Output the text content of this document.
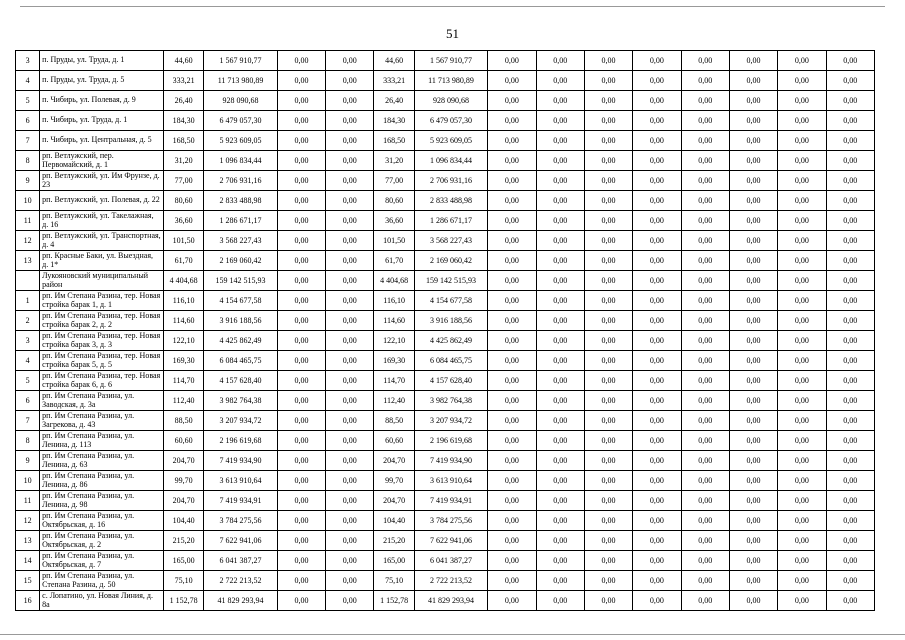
51
3	п. Пруды, ул. Труда, д. 1	44,60	1 567 910,77	0,00	0,00	44,60	1 567 910,77	0,00	0,00	0,00	0,00	0,00	0,00	0,00	0,00
4	п. Пруды, ул. Труда, д. 5	333,21	11 713 980,89	0,00	0,00	333,21	11 713 980,89	0,00	0,00	0,00	0,00	0,00	0,00	0,00	0,00
5	п. Чибирь, ул. Полевая, д. 9	26,40	928 090,68	0,00	0,00	26,40	928 090,68	0,00	0,00	0,00	0,00	0,00	0,00	0,00	0,00
6	п. Чибирь, ул. Труда, д. 1	184,30	6 479 057,30	0,00	0,00	184,30	6 479 057,30	0,00	0,00	0,00	0,00	0,00	0,00	0,00	0,00
7	п. Чибирь, ул. Центральная, д. 5	168,50	5 923 609,05	0,00	0,00	168,50	5 923 609,05	0,00	0,00	0,00	0,00	0,00	0,00	0,00	0,00
8	рп. Ветлужский, пер. Первомайский, д. 1	31,20	1 096 834,44	0,00	0,00	31,20	1 096 834,44	0,00	0,00	0,00	0,00	0,00	0,00	0,00	0,00
9	рп. Ветлужский, ул. Им Фрунзе, д. 23	77,00	2 706 931,16	0,00	0,00	77,00	2 706 931,16	0,00	0,00	0,00	0,00	0,00	0,00	0,00	0,00
10	рп. Ветлужский, ул. Полевая, д. 22	80,60	2 833 488,98	0,00	0,00	80,60	2 833 488,98	0,00	0,00	0,00	0,00	0,00	0,00	0,00	0,00
11	рп. Ветлужский, ул. Такелажная, д. 16	36,60	1 286 671,17	0,00	0,00	36,60	1 286 671,17	0,00	0,00	0,00	0,00	0,00	0,00	0,00	0,00
12	рп. Ветлужский, ул. Транспортная, д. 4	101,50	3 568 227,43	0,00	0,00	101,50	3 568 227,43	0,00	0,00	0,00	0,00	0,00	0,00	0,00	0,00
13	рп. Красные Баки, ул. Выездная, д. 1*	61,70	2 169 060,42	0,00	0,00	61,70	2 169 060,42	0,00	0,00	0,00	0,00	0,00	0,00	0,00	0,00
	Лукояновский муниципальный район	4 404,68	159 142 515,93	0,00	0,00	4 404,68	159 142 515,93	0,00	0,00	0,00	0,00	0,00	0,00	0,00	0,00
1	рп. Им Степана Разина, тер. Новая стройка барак 1, д. 1	116,10	4 154 677,58	0,00	0,00	116,10	4 154 677,58	0,00	0,00	0,00	0,00	0,00	0,00	0,00	0,00
2	рп. Им Степана Разина, тер. Новая стройка барак 2, д. 2	114,60	3 916 188,56	0,00	0,00	114,60	3 916 188,56	0,00	0,00	0,00	0,00	0,00	0,00	0,00	0,00
3	рп. Им Степана Разина, тер. Новая стройка барак 3, д. 3	122,10	4 425 862,49	0,00	0,00	122,10	4 425 862,49	0,00	0,00	0,00	0,00	0,00	0,00	0,00	0,00
4	рп. Им Степана Разина, тер. Новая стройка барак 5, д. 5	169,30	6 084 465,75	0,00	0,00	169,30	6 084 465,75	0,00	0,00	0,00	0,00	0,00	0,00	0,00	0,00
5	рп. Им Степана Разина, тер. Новая стройка барак 6, д. 6	114,70	4 157 628,40	0,00	0,00	114,70	4 157 628,40	0,00	0,00	0,00	0,00	0,00	0,00	0,00	0,00
6	рп. Им Степана Разина, ул. Заводская, д. 3а	112,40	3 982 764,38	0,00	0,00	112,40	3 982 764,38	0,00	0,00	0,00	0,00	0,00	0,00	0,00	0,00
7	рп. Им Степана Разина, ул. Загрекова, д. 43	88,50	3 207 934,72	0,00	0,00	88,50	3 207 934,72	0,00	0,00	0,00	0,00	0,00	0,00	0,00	0,00
8	рп. Им Степана Разина, ул. Ленина, д. 113	60,60	2 196 619,68	0,00	0,00	60,60	2 196 619,68	0,00	0,00	0,00	0,00	0,00	0,00	0,00	0,00
9	рп. Им Степана Разина, ул. Ленина, д. 63	204,70	7 419 934,90	0,00	0,00	204,70	7 419 934,90	0,00	0,00	0,00	0,00	0,00	0,00	0,00	0,00
10	рп. Им Степана Разина, ул. Ленина, д. 86	99,70	3 613 910,64	0,00	0,00	99,70	3 613 910,64	0,00	0,00	0,00	0,00	0,00	0,00	0,00	0,00
11	рп. Им Степана Разина, ул. Ленина, д. 98	204,70	7 419 934,91	0,00	0,00	204,70	7 419 934,91	0,00	0,00	0,00	0,00	0,00	0,00	0,00	0,00
12	рп. Им Степана Разина, ул. Октябрьская, д. 16	104,40	3 784 275,56	0,00	0,00	104,40	3 784 275,56	0,00	0,00	0,00	0,00	0,00	0,00	0,00	0,00
13	рп. Им Степана Разина, ул. Октябрьская, д. 2	215,20	7 622 941,06	0,00	0,00	215,20	7 622 941,06	0,00	0,00	0,00	0,00	0,00	0,00	0,00	0,00
14	рп. Им Степана Разина, ул. Октябрьская, д. 7	165,00	6 041 387,27	0,00	0,00	165,00	6 041 387,27	0,00	0,00	0,00	0,00	0,00	0,00	0,00	0,00
15	рп. Им Степана Разина, ул. Степана Разина, д. 50	75,10	2 722 213,52	0,00	0,00	75,10	2 722 213,52	0,00	0,00	0,00	0,00	0,00	0,00	0,00	0,00
16	с. Лопатино, ул. Новая Линия, д. 8а	1 152,78	41 829 293,94	0,00	0,00	1 152,78	41 829 293,94	0,00	0,00	0,00	0,00	0,00	0,00	0,00	0,00
